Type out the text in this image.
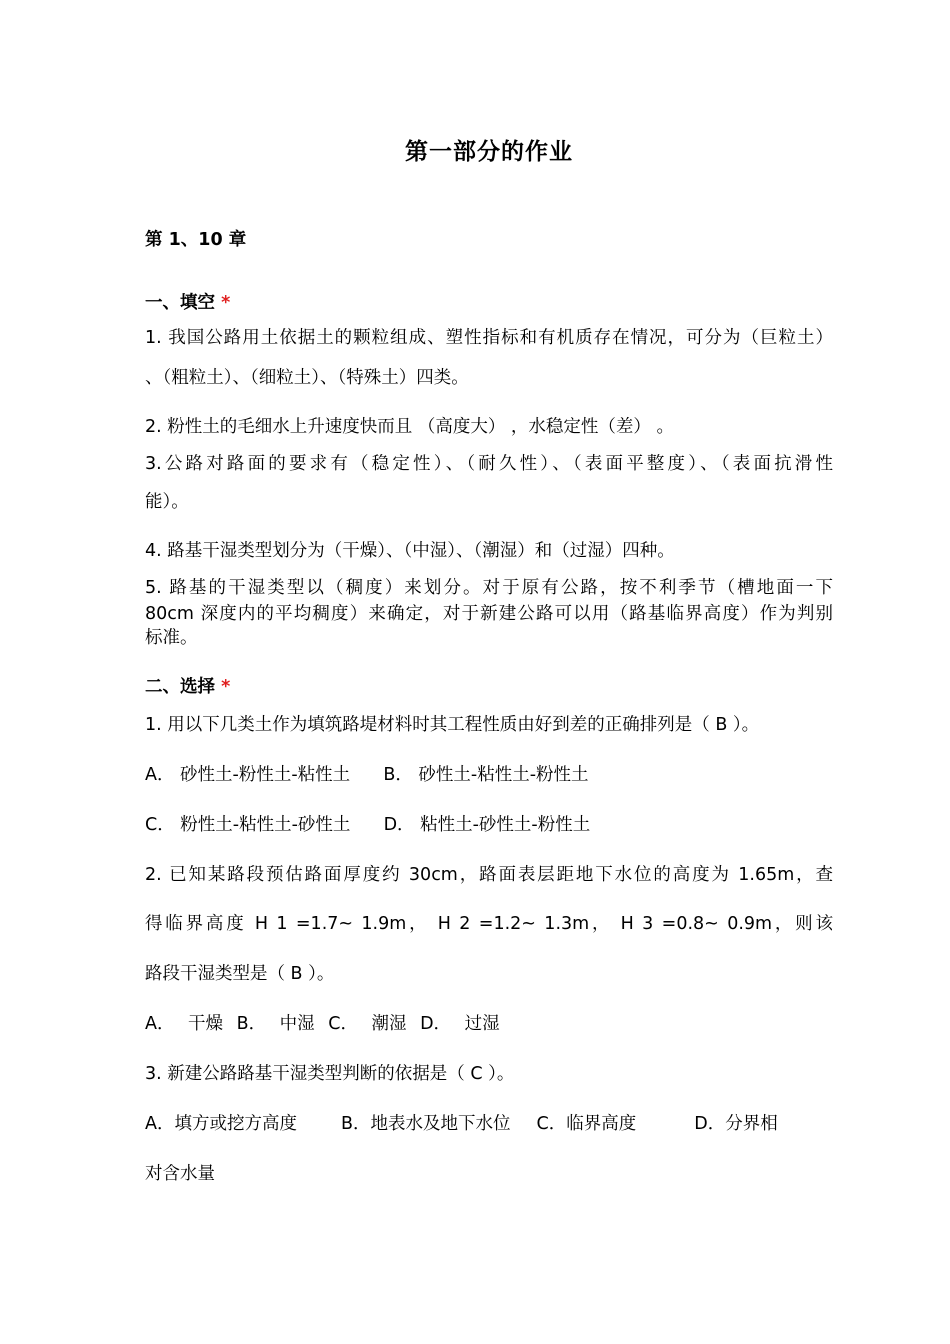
第一部分的作业
第 1、10 章
一、填空 *
1. 我国公路用土依据土的颗粒组成、塑性指标和有机质存在情况，可分为（巨粒土）
、（粗粒土）、（细粒土）、（特殊土）四类。
2. 粉性土的毛细水上升速度快而且 （高度大） ，水稳定性（差） 。
3.公路对路面的要求有（稳定性）、（耐久性）、（表面平整度）、（表面抗滑性
能）。
4. 路基干湿类型划分为（干燥）、（中湿）、（潮湿）和（过湿）四种。
5. 路基的干湿类型以（稠度）来划分。对于原有公路，按不利季节（槽地面一下
80cm 深度内的平均稠度）来确定，对于新建公路可以用（路基临界高度）作为判别
标准。
二、选择 *
1. 用以下几类土作为填筑路堤材料时其工程性质由好到差的正确排列是（ B ）。
A． 砂性土-粉性土-粘性土 B． 砂性土-粘性土-粉性土
C． 粉性土-粘性土-砂性土 D． 粘性土-砂性土-粉性土
2. 已知某路段预估路面厚度约 30cm，路面表层距地下水位的高度为 1.65m，查
得临界高度 H 1 =1.7~ 1.9m， H 2 =1.2~ 1.3m， H 3 =0.8~ 0.9m，则该
路段干湿类型是（ B ）。
A． 干燥 B． 中湿 C． 潮湿 D． 过湿
3. 新建公路路基干湿类型判断的依据是（ C ）。
A．填方或挖方高度	B．地表水及地下水位 C．临界高度	D．分界相
对含水量
